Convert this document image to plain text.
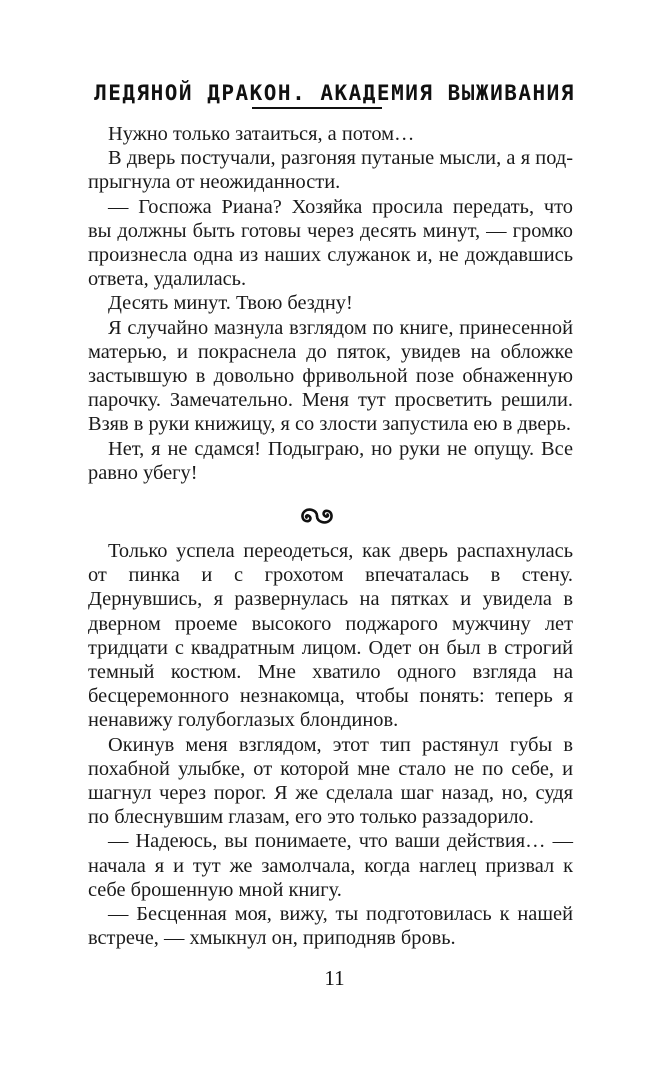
ЛЕДЯНОЙ ДРАКОН. АКАДЕМИЯ ВЫЖИВАНИЯ

Нужно только затаиться, а потом…

В дверь постучали, разгоняя путаные мысли, а я подпрыгнула от неожиданности.

— Госпожа Риана? Хозяйка просила передать, что вы должны быть готовы через десять минут, — громко произнесла одна из наших служанок и, не дождавшись ответа, удалилась.

Десять минут. Твою бездну!

Я случайно мазнула взглядом по книге, принесенной матерью, и покраснела до пяток, увидев на обложке застывшую в довольно фривольной позе обнаженную парочку. Замечательно. Меня тут просветить решили. Взяв в руки книжицу, я со злости запустила ею в дверь.

Нет, я не сдамся! Подыграю, но руки не опущу. Все равно убегу!

Только успела переодеться, как дверь распахнулась от пинка и с грохотом впечаталась в стену. Дернувшись, я развернулась на пятках и увидела в дверном проеме высокого поджарого мужчину лет тридцати с квадратным лицом. Одет он был в строгий темный костюм. Мне хватило одного взгляда на бесцеремонного незнакомца, чтобы понять: теперь я ненавижу голубоглазых блондинов.

Окинув меня взглядом, этот тип растянул губы в похабной улыбке, от которой мне стало не по себе, и шагнул через порог. Я же сделала шаг назад, но, судя по блеснувшим глазам, его это только раззадорило.

— Надеюсь, вы понимаете, что ваши действия… — начала я и тут же замолчала, когда наглец призвал к себе брошенную мной книгу.

— Бесценная моя, вижу, ты подготовилась к нашей встрече, — хмыкнул он, приподняв бровь.

11
